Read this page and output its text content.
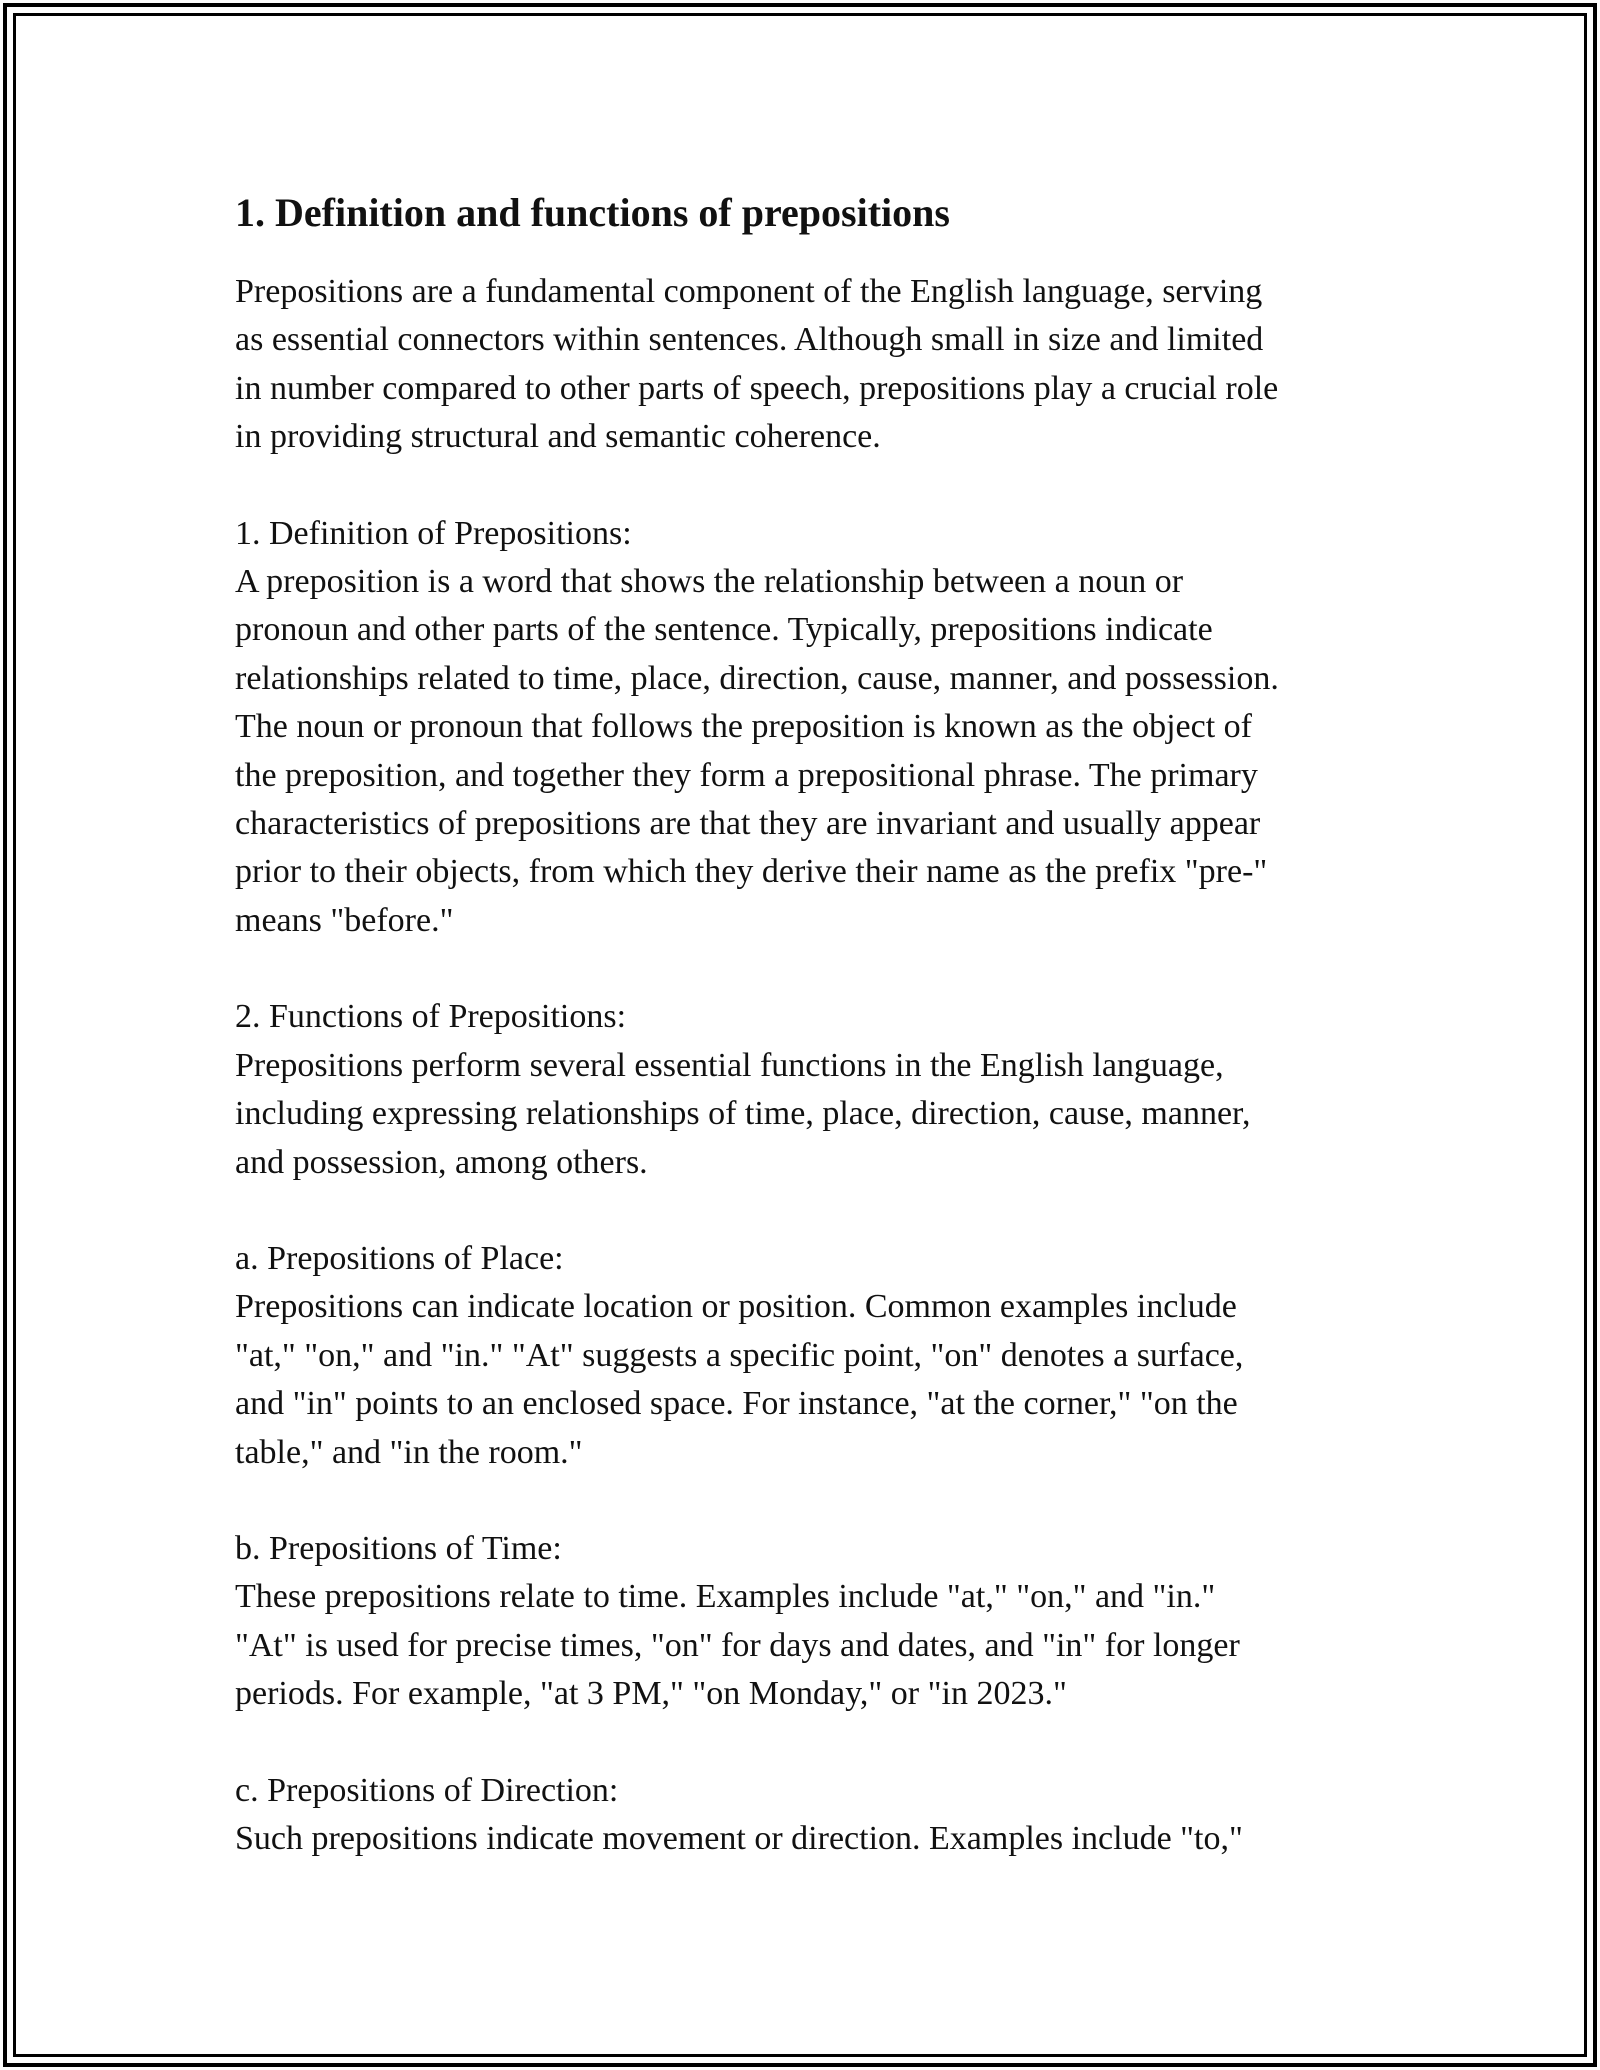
1. Definition and functions of prepositions

Prepositions are a fundamental component of the English language, serving
as essential connectors within sentences. Although small in size and limited
in number compared to other parts of speech, prepositions play a crucial role
in providing structural and semantic coherence.

1. Definition of Prepositions:

A preposition is a word that shows the relationship between a noun or
pronoun and other parts of the sentence. Typically, prepositions indicate
relationships related to time, place, direction, cause, manner, and possession.
The noun or pronoun that follows the preposition is known as the object of
the preposition, and together they form a prepositional phrase. The primary
characteristics of prepositions are that they are invariant and usually appear
prior to their objects, from which they derive their name as the prefix "pre-"
means "before."

2. Functions of Prepositions:

Prepositions perform several essential functions in the English language,
including expressing relationships of time, place, direction, cause, manner,
and possession, among others.

a. Prepositions of Place:

Prepositions can indicate location or position. Common examples include
"at," "on," and "in." "At" suggests a specific point, "on" denotes a surface,
and "in" points to an enclosed space. For instance, "at the corner," "on the
table," and "in the room."

b. Prepositions of Time:

These prepositions relate to time. Examples include "at," "on," and "in."
"At" is used for precise times, "on" for days and dates, and "in" for longer
periods. For example, "at 3 PM," "on Monday," or "in 2023."

c. Prepositions of Direction:

Such prepositions indicate movement or direction. Examples include "to,"
